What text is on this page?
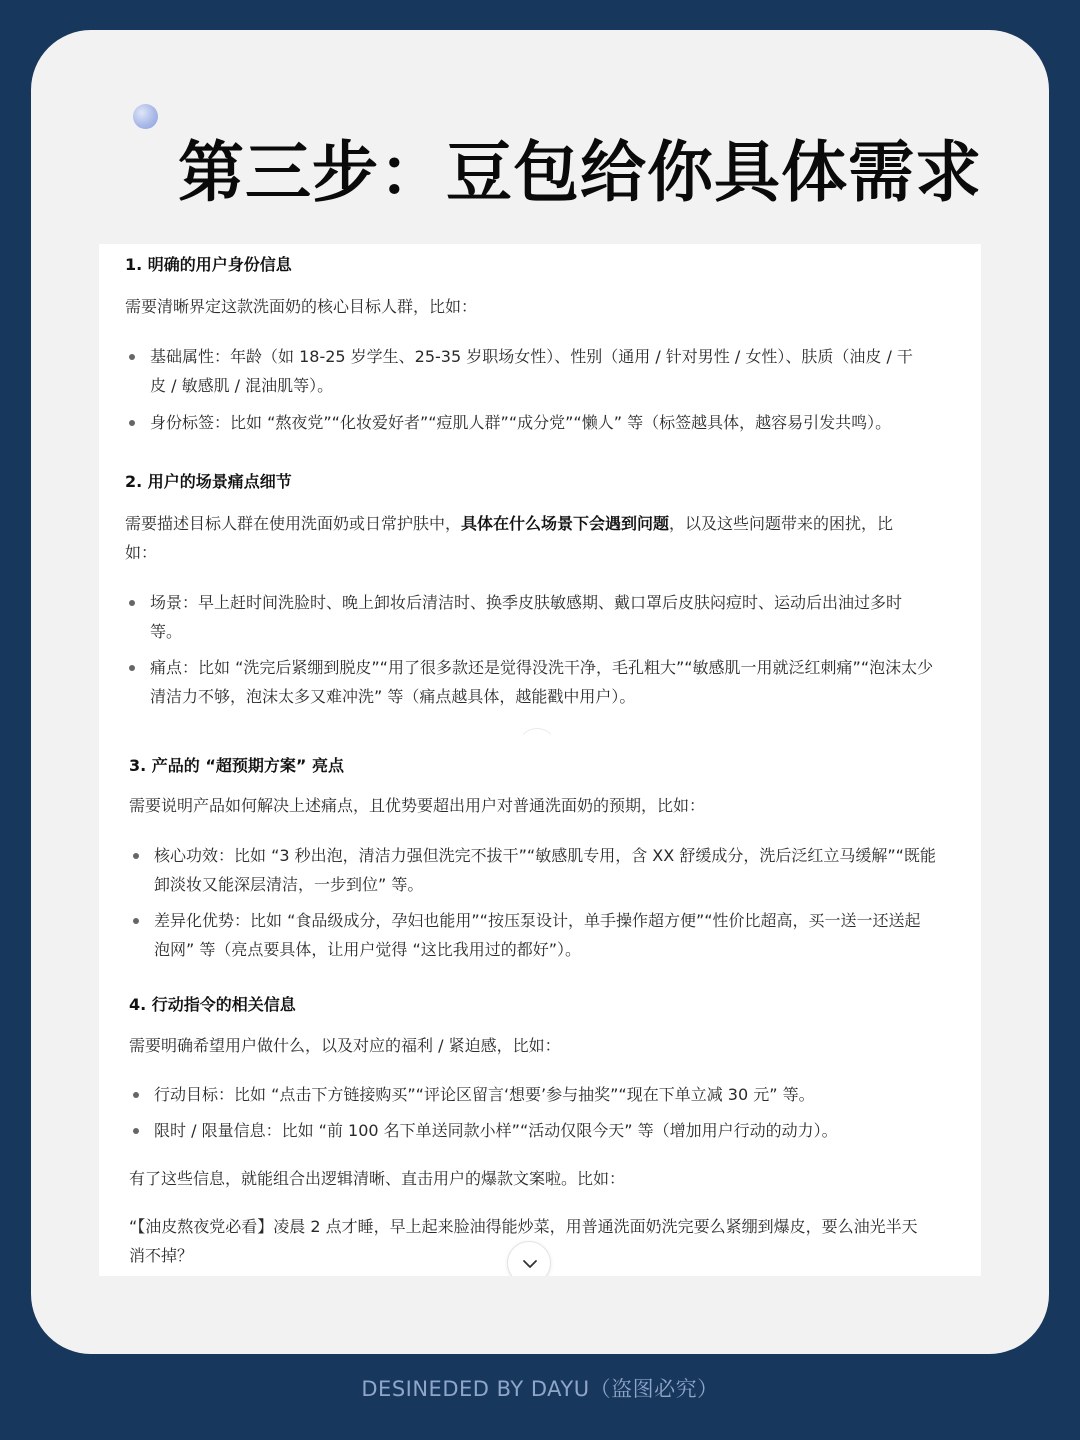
第三步：豆包给你具体需求
1. 明确的用户身份信息
需要清晰界定这款洗面奶的核心目标人群，比如：
基础属性：年龄（如 18-25 岁学生、25-35 岁职场女性）、性别（通用 / 针对男性 / 女性）、肤质（油皮 / 干
皮 / 敏感肌 / 混油肌等）。
身份标签：比如 “熬夜党”“化妆爱好者”“痘肌人群”“成分党”“懒人” 等（标签越具体，越容易引发共鸣）。
2. 用户的场景痛点细节
需要描述目标人群在使用洗面奶或日常护肤中，具体在什么场景下会遇到问题，以及这些问题带来的困扰，比
如：
场景：早上赶时间洗脸时、晚上卸妆后清洁时、换季皮肤敏感期、戴口罩后皮肤闷痘时、运动后出油过多时
等。
痛点：比如 “洗完后紧绷到脱皮”“用了很多款还是觉得没洗干净，毛孔粗大”“敏感肌一用就泛红刺痛”“泡沫太少
清洁力不够，泡沫太多又难冲洗” 等（痛点越具体，越能戳中用户）。
3. 产品的 “超预期方案” 亮点
需要说明产品如何解决上述痛点，且优势要超出用户对普通洗面奶的预期，比如：
核心功效：比如 “3 秒出泡，清洁力强但洗完不拔干”“敏感肌专用，含 XX 舒缓成分，洗后泛红立马缓解”“既能
卸淡妆又能深层清洁，一步到位” 等。
差异化优势：比如 “食品级成分，孕妇也能用”“按压泵设计，单手操作超方便”“性价比超高，买一送一还送起
泡网” 等（亮点要具体，让用户觉得 “这比我用过的都好”）。
4. 行动指令的相关信息
需要明确希望用户做什么，以及对应的福利 / 紧迫感，比如：
行动目标：比如 “点击下方链接购买”“评论区留言‘想要’参与抽奖”“现在下单立减 30 元” 等。
限时 / 限量信息：比如 “前 100 名下单送同款小样”“活动仅限今天” 等（增加用户行动的动力）。
有了这些信息，就能组合出逻辑清晰、直击用户的爆款文案啦。比如：
“【油皮熬夜党必看】凌晨 2 点才睡，早上起来脸油得能炒菜，用普通洗面奶洗完要么紧绷到爆皮，要么油光半天
消不掉？
DESINEDED BY DAYU（盗图必究）
